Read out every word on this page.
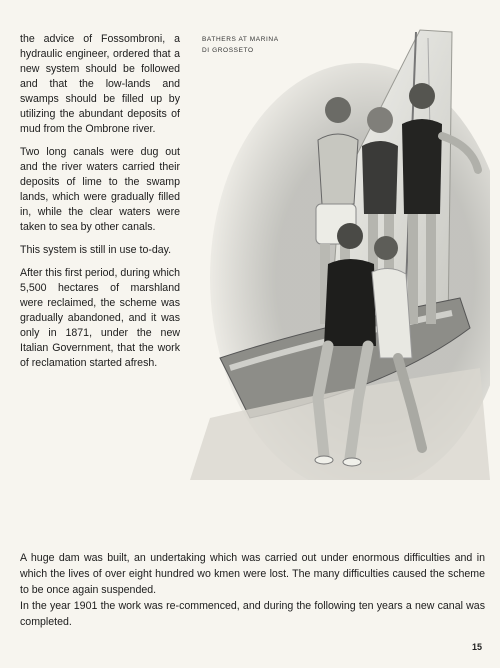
the advice of Fossombroni, a hydraulic engineer, ordered that a new system should be followed and that the low-lands and swamps should be filled up by utilizing the abundant deposits of mud from the Ombrone river.

Two long canals were dug out and the river waters carried their deposits of lime to the swamp lands, which were gradually filled in, while the clear waters were taken to sea by other canals.

This system is still in use to-day.

After this first period, during which 5,500 hectares of marshland were reclaimed, the scheme was gradually abandoned, and it was only in 1871, under the new Italian Government, that the work of reclamation started afresh.

BATHERS AT MARINA
DI GROSSETO

A huge dam was built, an undertaking which was carried out under enormous difficulties and in which the lives of over eight hundred wo kmen were lost. The many difficulties caused the scheme to be once again suspended.

In the year 1901 the work was re-commenced, and during the following ten years a new canal was completed.

15
